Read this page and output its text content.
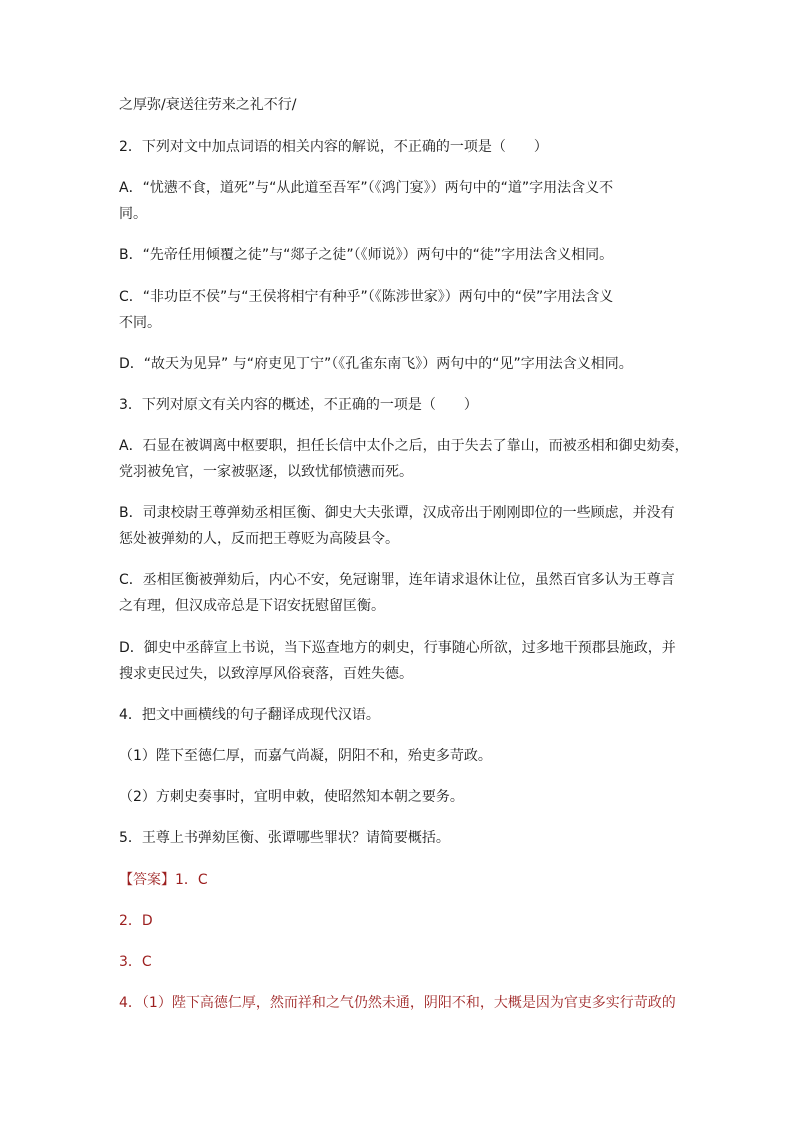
之厚弥/衰送往劳来之礼不行/
2．下列对文中加点词语的相关内容的解说，不正确的一项是（　　）
A．“忧懑不食，道死”与“从此道至吾军”（《鸿门宴》）两句中的“道”字用法含义不
同。
B．“先帝任用倾覆之徒”与“郯子之徒”（《师说》）两句中的“徒”字用法含义相同。
C．“非功臣不侯”与“王侯将相宁有种乎”（《陈涉世家》）两句中的“侯”字用法含义
不同。
D．“故天为见异” 与“府吏见丁宁”（《孔雀东南飞》）两句中的“见”字用法含义相同。
3．下列对原文有关内容的概述，不正确的一项是（　　）
A．石显在被调离中枢要职，担任长信中太仆之后，由于失去了靠山，而被丞相和御史劾奏，
党羽被免官，一家被驱逐，以致忧郁愤懑而死。
B．司隶校尉王尊弹劾丞相匡衡、御史大夫张谭，汉成帝出于刚刚即位的一些顾虑，并没有
惩处被弹劾的人，反而把王尊贬为高陵县令。
C．丞相匡衡被弹劾后，内心不安，免冠谢罪，连年请求退休让位，虽然百官多认为王尊言
之有理，但汉成帝总是下诏安抚慰留匡衡。
D．御史中丞薛宣上书说，当下巡查地方的刺史，行事随心所欲，过多地干预郡县施政，并
搜求吏民过失，以致淳厚风俗衰落，百姓失德。
4．把文中画横线的句子翻译成现代汉语。
（1）陛下至德仁厚，而嘉气尚凝，阴阳不和，殆吏多苛政。
（2）方刺史奏事时，宜明申敕，使昭然知本朝之要务。
5．王尊上书弹劾匡衡、张谭哪些罪状？请简要概括。
【答案】1．C
2．D
3．C
4．（1）陛下高德仁厚，然而祥和之气仍然未通，阴阳不和，大概是因为官吏多实行苛政的
